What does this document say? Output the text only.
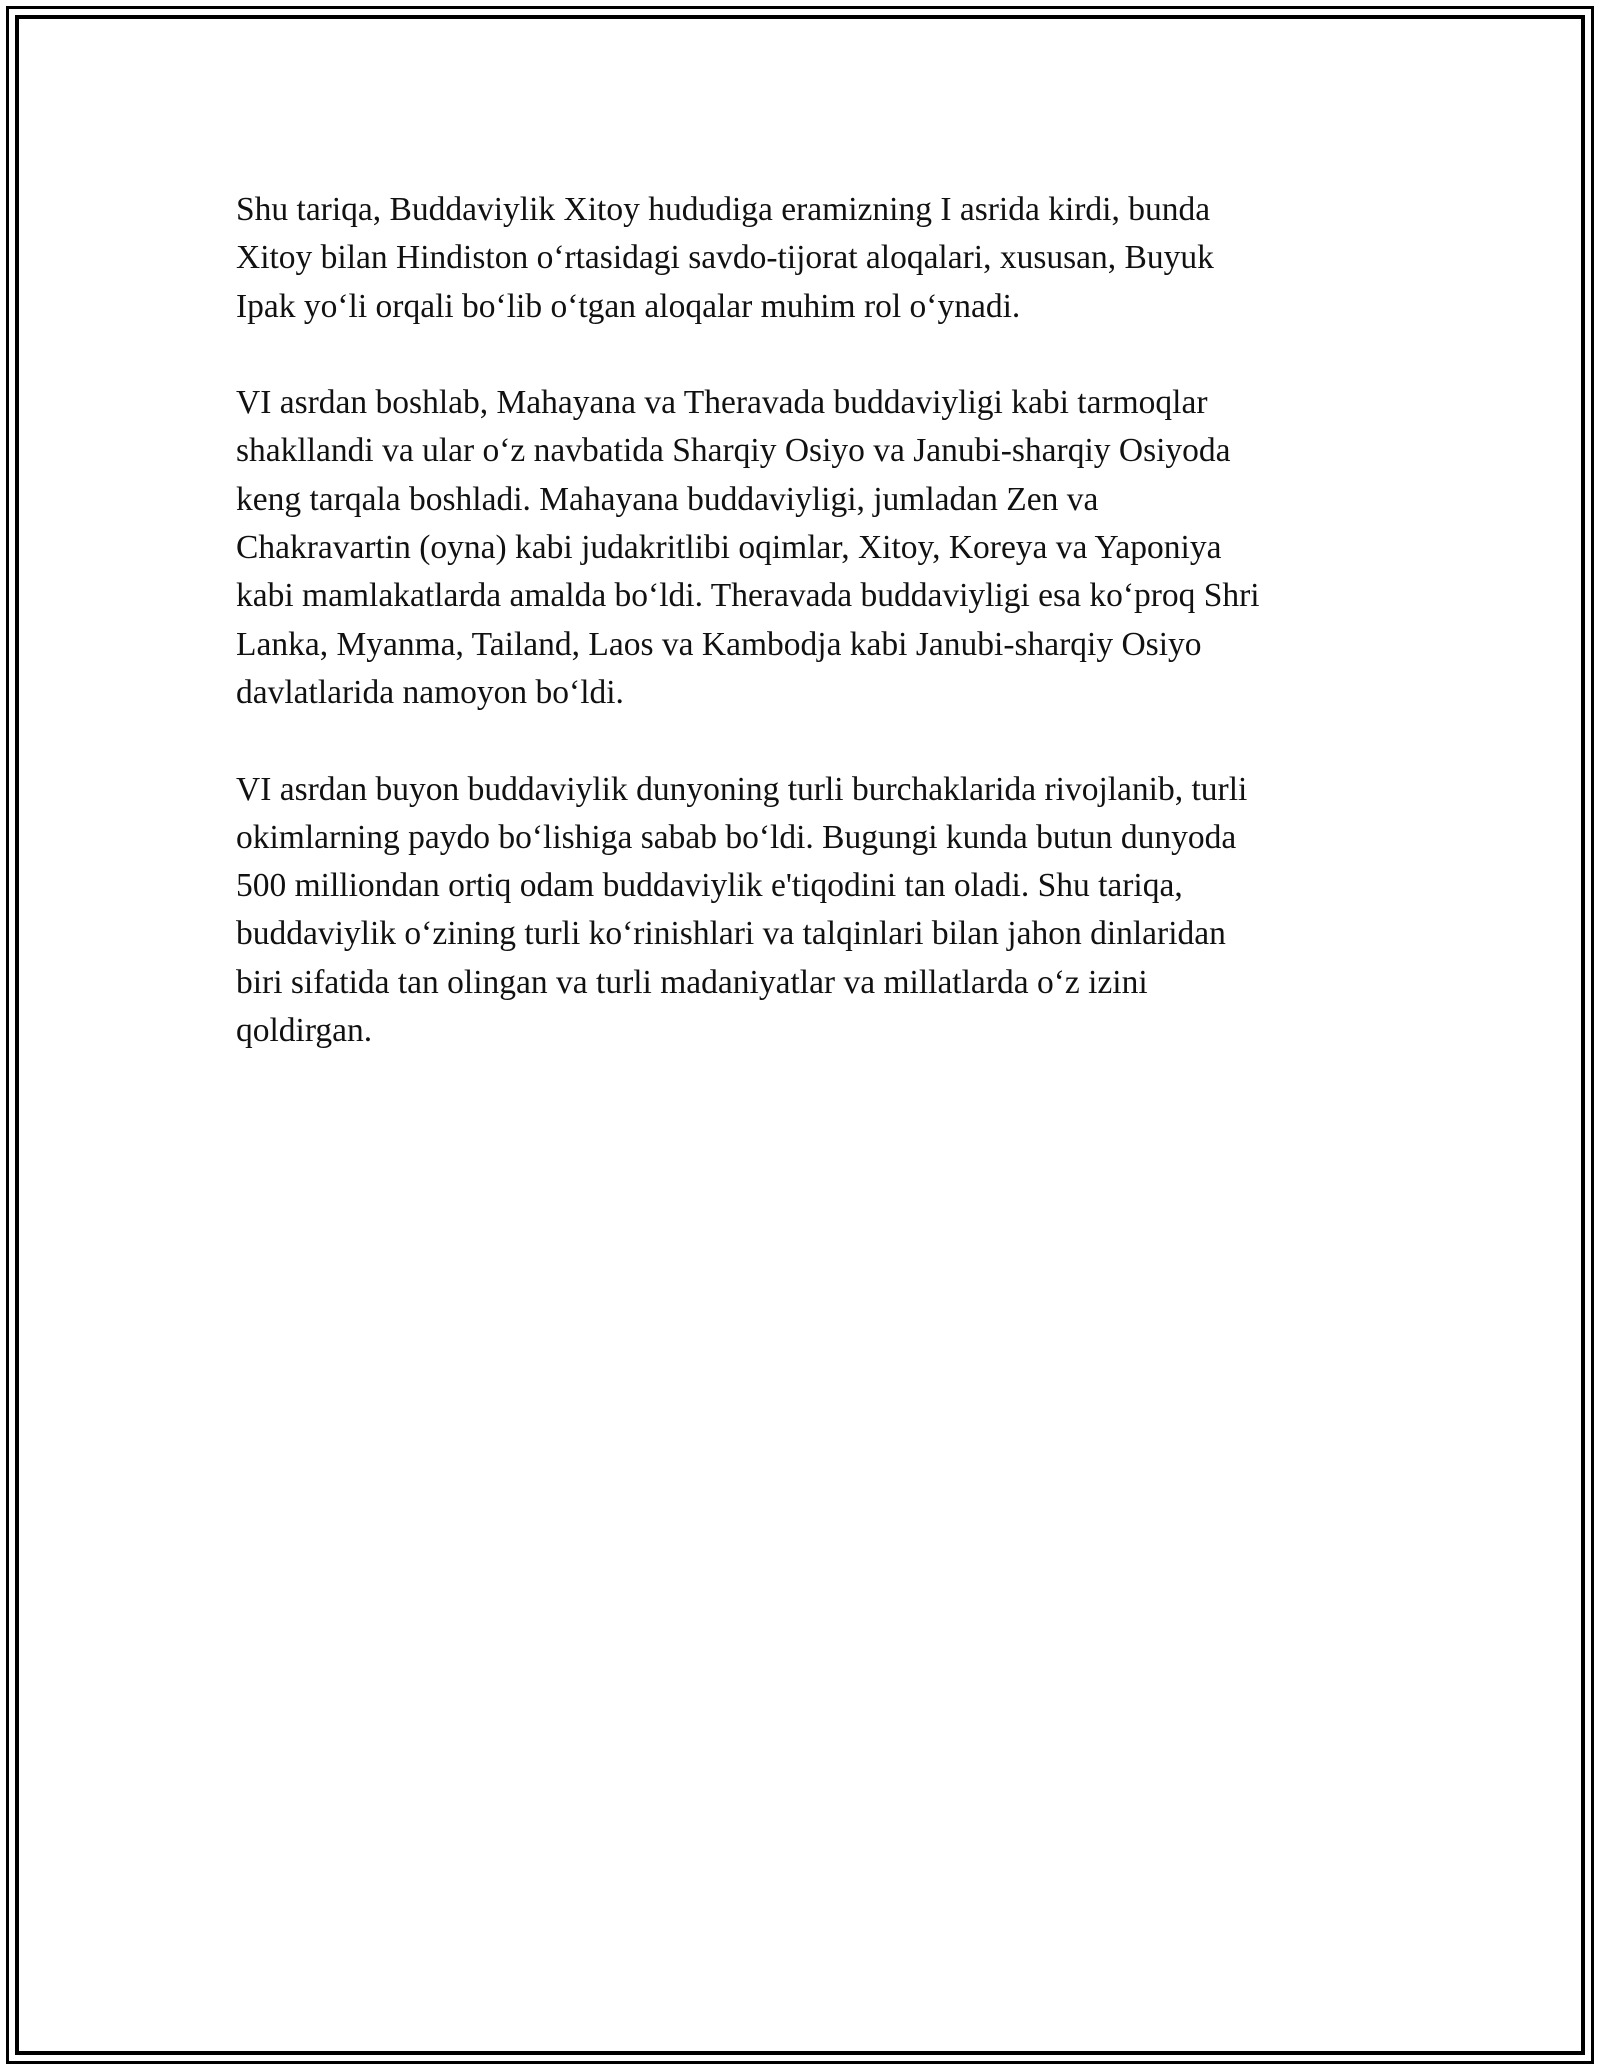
Shu tariqa, Buddaviylik Xitoy hududiga eramizning I asrida kirdi, bunda
Xitoy bilan Hindiston o‘rtasidagi savdo-tijorat aloqalari, xususan, Buyuk
Ipak yo‘li orqali bo‘lib o‘tgan aloqalar muhim rol o‘ynadi.

VI asrdan boshlab, Mahayana va Theravada buddaviyligi kabi tarmoqlar
shakllandi va ular o‘z navbatida Sharqiy Osiyo va Janubi-sharqiy Osiyoda
keng tarqala boshladi. Mahayana buddaviyligi, jumladan Zen va
Chakravartin (oyna) kabi judakritlibi oqimlar, Xitoy, Koreya va Yaponiya
kabi mamlakatlarda amalda bo‘ldi. Theravada buddaviyligi esa ko‘proq Shri
Lanka, Myanma, Tailand, Laos va Kambodja kabi Janubi-sharqiy Osiyo
davlatlarida namoyon bo‘ldi.

VI asrdan buyon buddaviylik dunyoning turli burchaklarida rivojlanib, turli
okimlarning paydo bo‘lishiga sabab bo‘ldi. Bugungi kunda butun dunyoda
500 milliondan ortiq odam buddaviylik e'tiqodini tan oladi. Shu tariqa,
buddaviylik o‘zining turli ko‘rinishlari va talqinlari bilan jahon dinlaridan
biri sifatida tan olingan va turli madaniyatlar va millatlarda o‘z izini
qoldirgan.
